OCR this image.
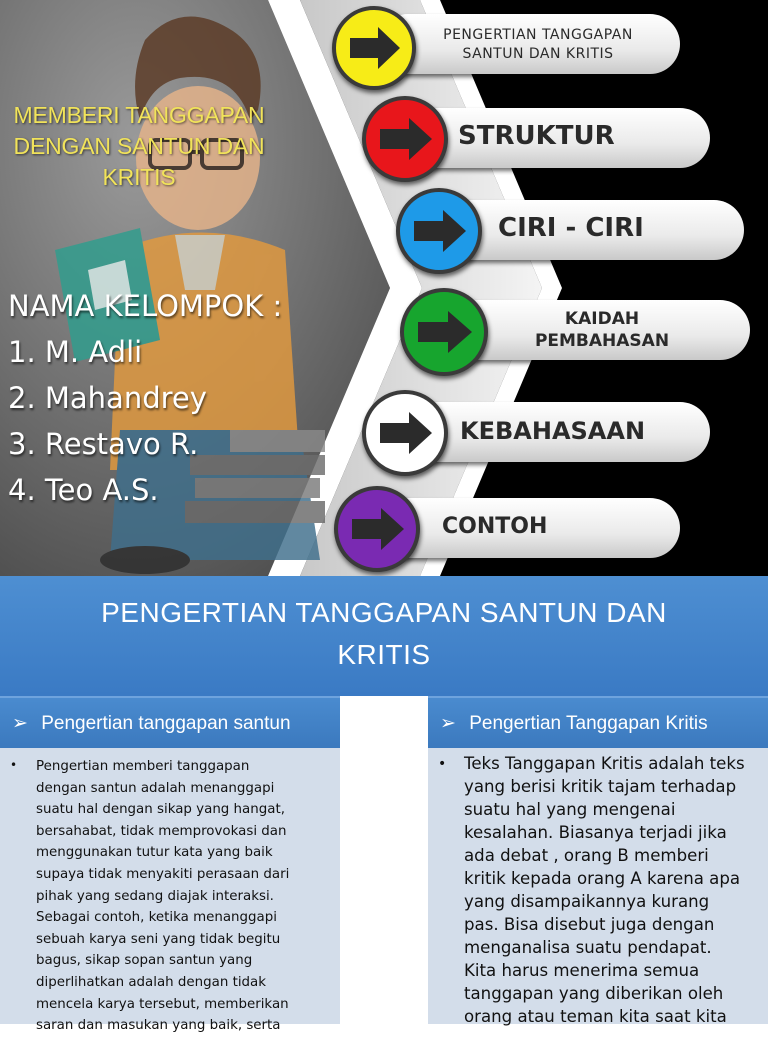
MEMBERI TANGGAPAN
DENGAN SANTUN DAN
KRITIS
NAMA KELOMPOK :
1. M. Adli
2. Mahandrey
3. Restavo R.
4. Teo A.S.
PENGERTIAN TANGGAPAN
SANTUN DAN KRITIS
STRUKTUR
CIRI - CIRI
KAIDAH
PEMBAHASAN
KEBAHASAAN
CONTOH
PENGERTIAN TANGGAPAN SANTUN DAN
KRITIS
➢ Pengertian tanggapan santun
• Pengertian memberi tanggapan
dengan santun adalah menanggapi
suatu hal dengan sikap yang hangat,
bersahabat, tidak memprovokasi dan
menggunakan tutur kata yang baik
supaya tidak menyakiti perasaan dari
pihak yang sedang diajak interaksi.
Sebagai contoh, ketika menanggapi
sebuah karya seni yang tidak begitu
bagus, sikap sopan santun yang
diperlihatkan adalah dengan tidak
mencela karya tersebut, memberikan
saran dan masukan yang baik, serta
➢ Pengertian Tanggapan Kritis
• Teks Tanggapan Kritis adalah teks
yang berisi kritik tajam terhadap
suatu hal yang mengenai
kesalahan. Biasanya terjadi jika
ada debat , orang B memberi
kritik kepada orang A karena apa
yang disampaikannya kurang
pas. Bisa disebut juga dengan
menganalisa suatu pendapat.
Kita harus menerima semua
tanggapan yang diberikan oleh
orang atau teman kita saat kita
